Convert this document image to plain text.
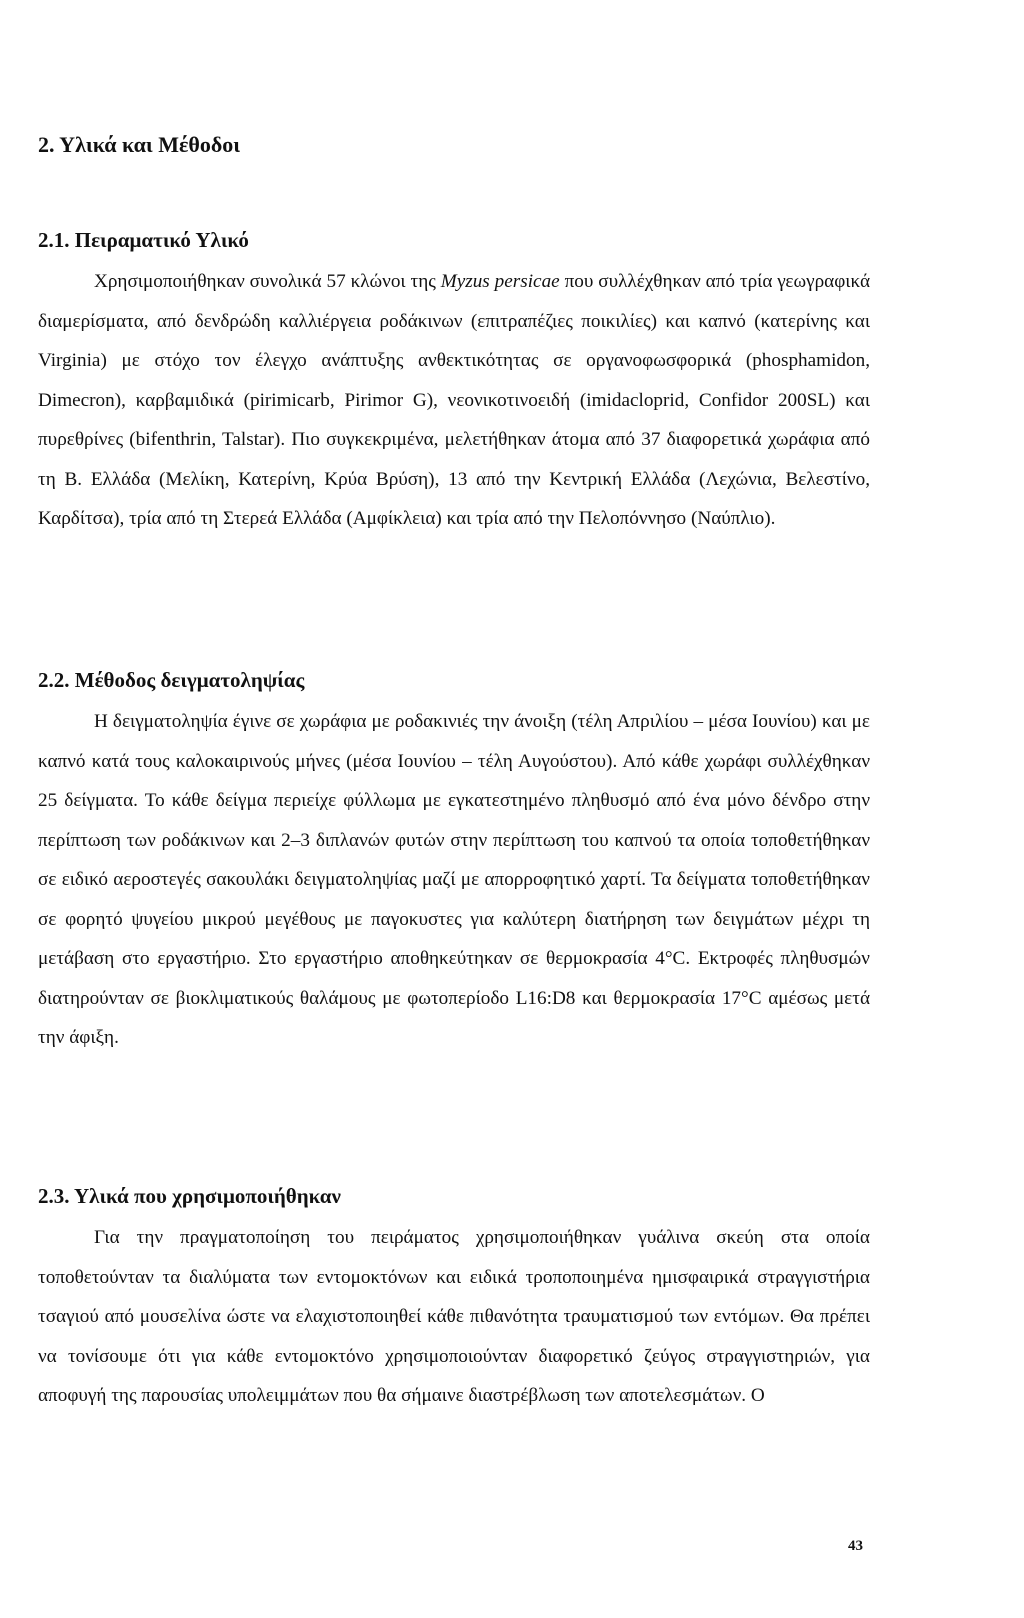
2. Υλικά και Μέθοδοι
2.1. Πειραματικό Υλικό

Χρησιμοποιήθηκαν συνολικά 57 κλώνοι της Myzus persicae που συλλέχθηκαν από τρία γεωγραφικά διαμερίσματα, από δενδρώδη καλλιέργεια ροδάκινων (επιτραπέζιες ποικιλίες) και καπνό (κατερίνης και Virginia) με στόχο τον έλεγχο ανάπτυξης ανθεκτικότητας σε οργανοφωσφορικά (phosphamidon, Dimecron), καρβαμιδικά (pirimicarb, Pirimor G), νεονικοτινοειδή (imidacloprid, Confidor 200SL) και πυρεθρίνες (bifenthrin, Talstar). Πιο συγκεκριμένα, μελετήθηκαν άτομα από 37 διαφορετικά χωράφια από τη Β. Ελλάδα (Μελίκη, Κατερίνη, Κρύα Βρύση), 13 από την Κεντρική Ελλάδα (Λεχώνια, Βελεστίνο, Καρδίτσα), τρία από τη Στερεά Ελλάδα (Αμφίκλεια) και τρία από την Πελοπόννησο (Ναύπλιο).

2.2. Μέθοδος δειγματοληψίας

Η δειγματοληψία έγινε σε χωράφια με ροδακινιές την άνοιξη (τέλη Απριλίου – μέσα Ιουνίου) και με καπνό κατά τους καλοκαιρινούς μήνες (μέσα Ιουνίου – τέλη Αυγούστου). Από κάθε χωράφι συλλέχθηκαν 25 δείγματα. Το κάθε δείγμα περιείχε φύλλωμα με εγκατεστημένο πληθυσμό από ένα μόνο δένδρο στην περίπτωση των ροδάκινων και 2–3 διπλανών φυτών στην περίπτωση του καπνού τα οποία τοποθετήθηκαν σε ειδικό αεροστεγές σακουλάκι δειγματοληψίας μαζί με απορροφητικό χαρτί. Τα δείγματα τοποθετήθηκαν σε φορητό ψυγείου μικρού μεγέθους με παγοκυστες για καλύτερη διατήρηση των δειγμάτων μέχρι τη μετάβαση στο εργαστήριο. Στο εργαστήριο αποθηκεύτηκαν σε θερμοκρασία 4°C. Εκτροφές πληθυσμών διατηρούνταν σε βιοκλιματικούς θαλάμους με φωτοπερίοδο L16:D8 και θερμοκρασία 17°C αμέσως μετά την άφιξη.

2.3. Υλικά που χρησιμοποιήθηκαν

Για την πραγματοποίηση του πειράματος χρησιμοποιήθηκαν γυάλινα σκεύη στα οποία τοποθετούνταν τα διαλύματα των εντομοκτόνων και ειδικά τροποποιημένα ημισφαιρικά στραγγιστήρια τσαγιού από μουσελίνα ώστε να ελαχιστοποιηθεί κάθε πιθανότητα τραυματισμού των εντόμων. Θα πρέπει να τονίσουμε ότι για κάθε εντομοκτόνο χρησιμοποιούνταν διαφορετικό ζεύγος στραγγιστηριών, για αποφυγή της παρουσίας υπολειμμάτων που θα σήμαινε διαστρέβλωση των αποτελεσμάτων. Ο

43
